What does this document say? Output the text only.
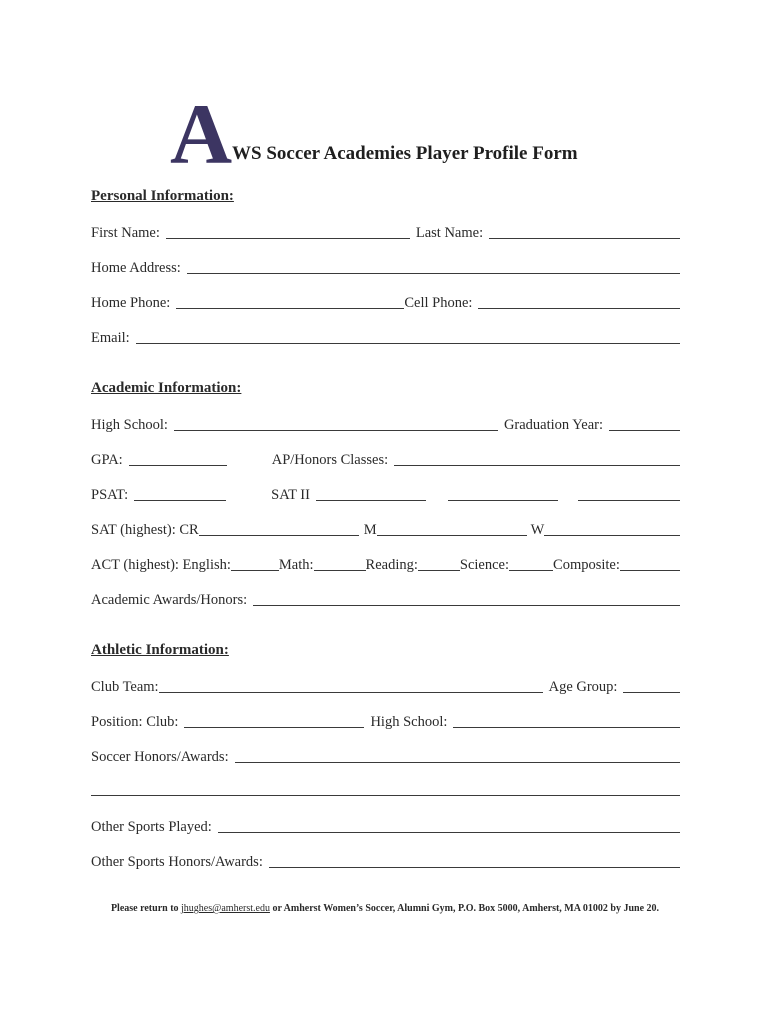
A WS Soccer Academies Player Profile Form
Personal Information:
First Name:	Last Name:
Home Address:
Home Phone:	Cell Phone:
Email:
Academic Information:
High School:	Graduation Year:
GPA:	AP/Honors Classes:
PSAT:	SAT II
SAT (highest): CR	M	W
ACT (highest): English:	Math:	Reading:	Science:	Composite:
Academic Awards/Honors:
Athletic Information:
Club Team:	Age Group:
Position: Club:	High School:
Soccer Honors/Awards:
Other Sports Played:
Other Sports Honors/Awards:
Please return to jhughes@amherst.edu or Amherst Women’s Soccer, Alumni Gym, P.O. Box 5000, Amherst, MA 01002 by June 20.
